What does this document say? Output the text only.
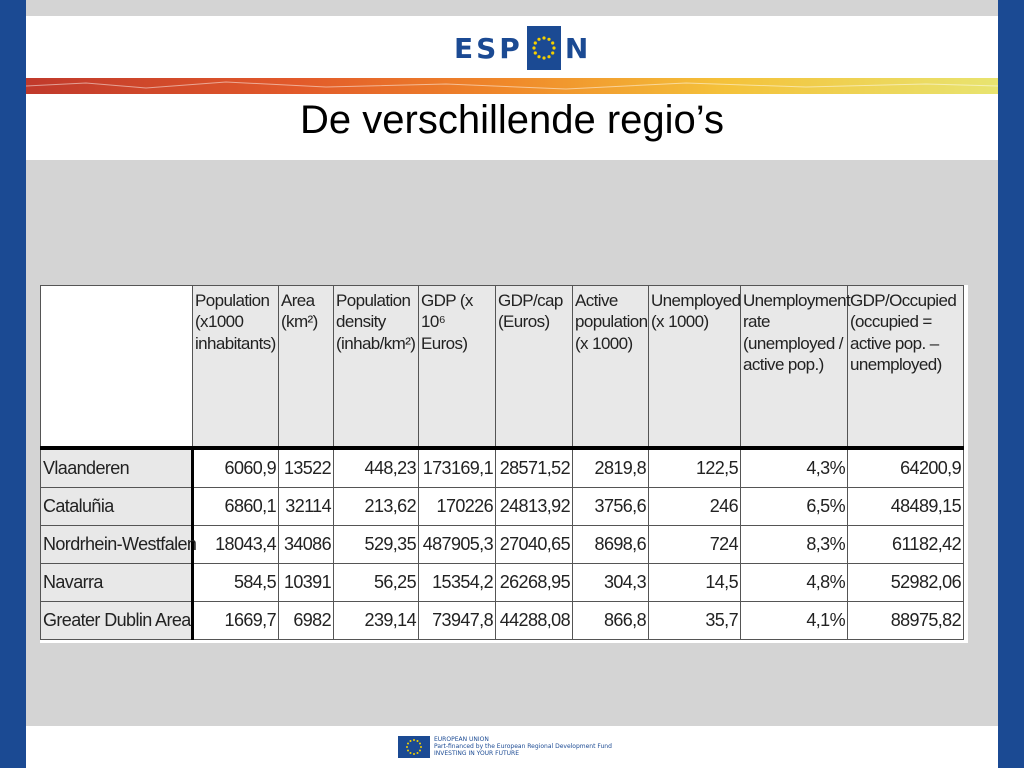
ESP N
De verschillende regio’s
	Population (x1000 inhabitants)	Area (km²)	Population density (inhab/km²)	GDP (x 10⁶ Euros)	GDP/cap (Euros)	Active population (x 1000)	Unemployed (x 1000)	Unemployment rate (unemployed / active pop.)	GDP/Occupied (occupied = active pop. – unemployed)
Vlaanderen	6060,9	13522	448,23	173169,1	28571,52	2819,8	122,5	4,3%	64200,9
Cataluñia	6860,1	32114	213,62	170226	24813,92	3756,6	246	6,5%	48489,15
Nordrhein-Westfalen	18043,4	34086	529,35	487905,3	27040,65	8698,6	724	8,3%	61182,42
Navarra	584,5	10391	56,25	15354,2	26268,95	304,3	14,5	4,8%	52982,06
Greater Dublin Area	1669,7	6982	239,14	73947,8	44288,08	866,8	35,7	4,1%	88975,82
EUROPEAN UNION
Part-financed by the European Regional Development Fund
INVESTING IN YOUR FUTURE
